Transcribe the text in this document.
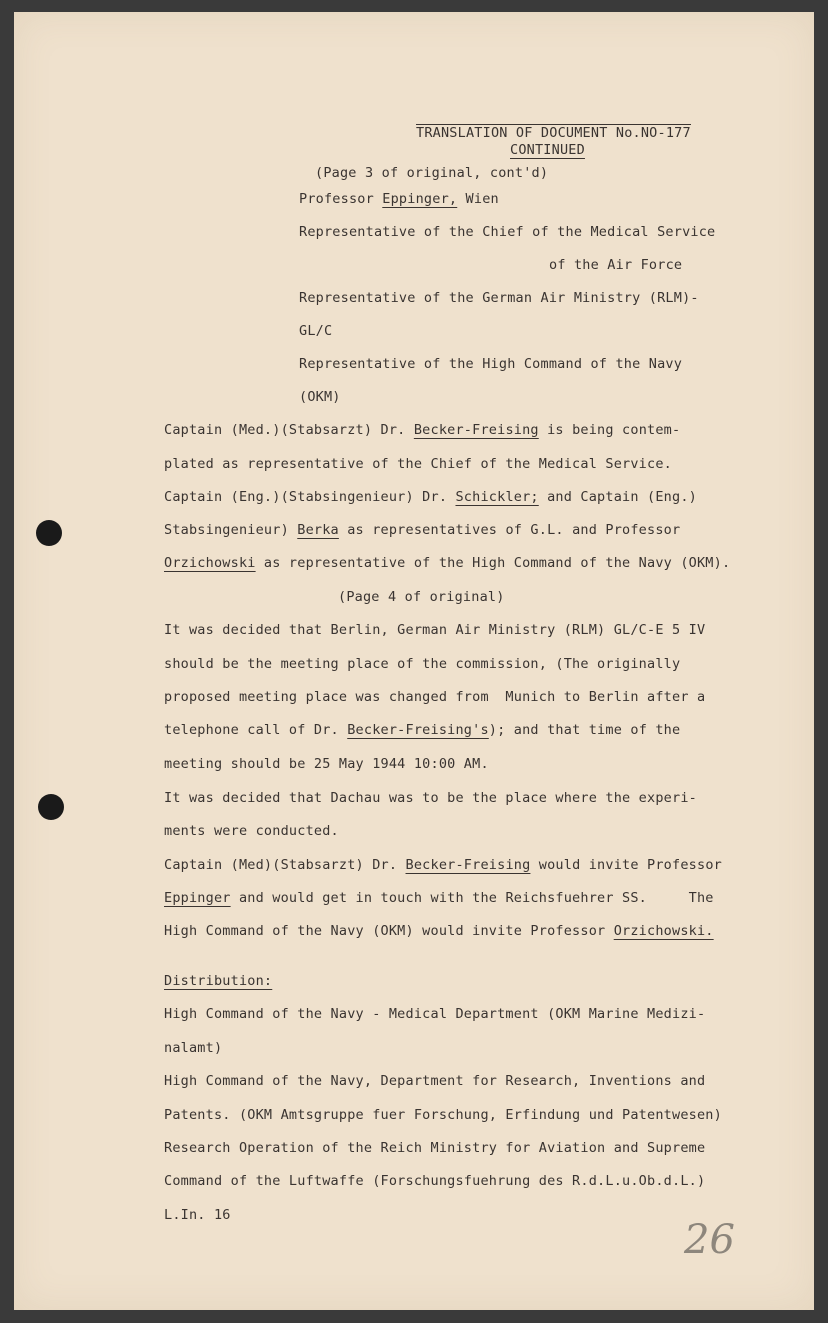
TRANSLATION OF DOCUMENT No.NO-177
CONTINUED
(Page 3 of original, cont'd)
Professor Eppinger, Wien
Representative of the Chief of the Medical Service
of the Air Force
Representative of the German Air Ministry (RLM)-
GL/C
Representative of the High Command of the Navy
(OKM)
Captain (Med.)(Stabsarzt) Dr. Becker-Freising is being contem-
plated as representative of the Chief of the Medical Service.
Captain (Eng.)(Stabsingenieur) Dr. Schickler; and Captain (Eng.)
Stabsingenieur) Berka as representatives of G.L. and Professor
Orzichowski as representative of the High Command of the Navy (OKM).
(Page 4 of original)
It was decided that Berlin, German Air Ministry (RLM) GL/C-E 5 IV
should be the meeting place of the commission, (The originally
proposed meeting place was changed from  Munich to Berlin after a
telephone call of Dr. Becker-Freising's); and that time of the
meeting should be 25 May 1944 10:00 AM.
It was decided that Dachau was to be the place where the experi-
ments were conducted.
Captain (Med)(Stabsarzt) Dr. Becker-Freising would invite Professor
Eppinger and would get in touch with the Reichsfuehrer SS.     The
High Command of the Navy (OKM) would invite Professor Orzichowski.
Distribution:
High Command of the Navy - Medical Department (OKM Marine Medizi-
nalamt)
High Command of the Navy, Department for Research, Inventions and
Patents. (OKM Amtsgruppe fuer Forschung, Erfindung und Patentwesen)
Research Operation of the Reich Ministry for Aviation and Supreme
Command of the Luftwaffe (Forschungsfuehrung des R.d.L.u.Ob.d.L.)
L.In. 16
26
